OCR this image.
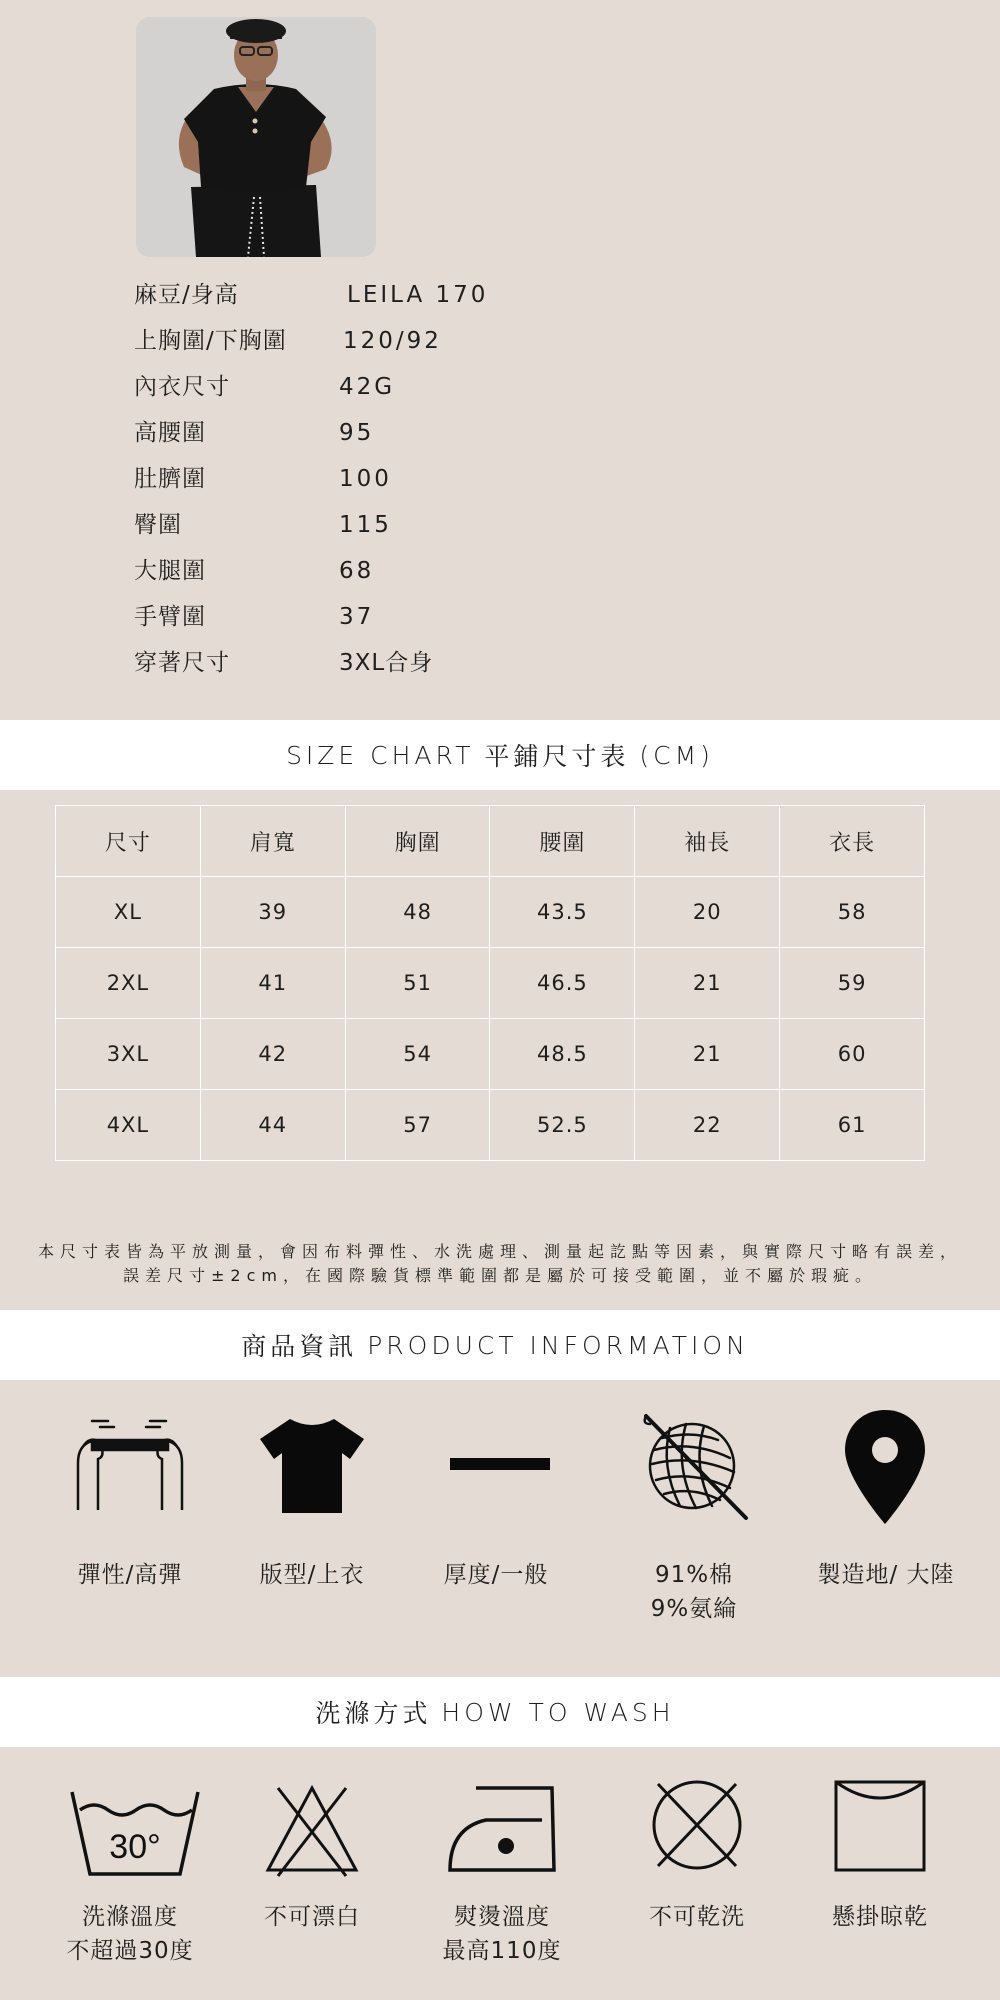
麻豆/身高	LEILA 170
上胸圍/下胸圍 120/92
內衣尺寸	42G
高腰圍	95
肚臍圍	100
臀圍	115
大腿圍	68
手臂圍	37
穿著尺寸	3XL合身
SIZE CHART 平鋪尺寸表 (CM)
尺寸	肩寬	胸圍	腰圍	袖長	衣長
XL	39	48	43.5	20	58
2XL	41	51	46.5	21	59
3XL	42	54	48.5	21	60
4XL	44	57	52.5	22	61
本尺寸表皆為平放測量，會因布料彈性、水洗處理、測量起訖點等因素，與實際尺寸略有誤差，
誤差尺寸±2cm，在國際驗貨標準範圍都是屬於可接受範圍，並不屬於瑕疵。
商品資訊 PRODUCT INFORMATION
彈性/高彈	版型/上衣	厚度/一般	91%棉
9%氨綸
製造地/ 大陸
洗滌方式 HOW TO WASH
30°
洗滌溫度
不超過30度
不可漂白	熨燙溫度
最高110度
不可乾洗	懸掛晾乾
